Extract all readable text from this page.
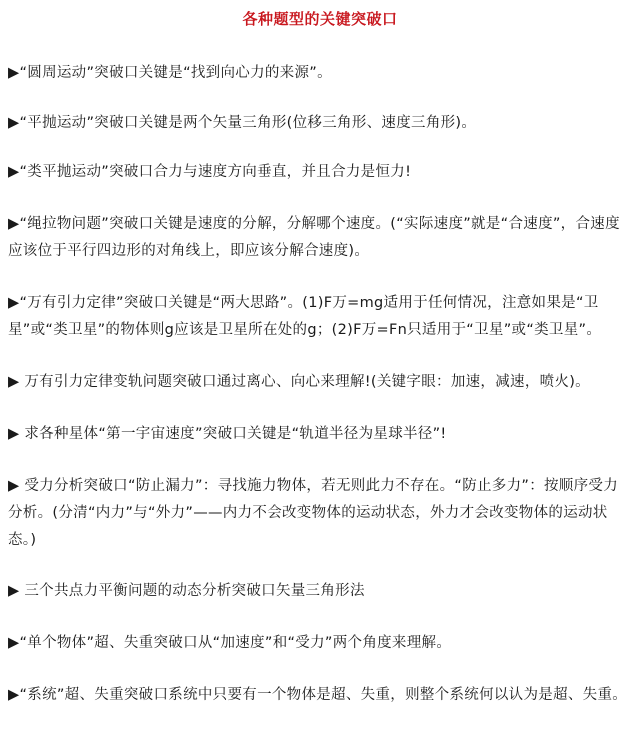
各种题型的关键突破口
▶“圆周运动”突破口关键是“找到向心力的来源”。
▶“平抛运动”突破口关键是两个矢量三角形(位移三角形、速度三角形)。
▶“类平抛运动”突破口合力与速度方向垂直，并且合力是恒力!
▶“绳拉物问题”突破口关键是速度的分解，分解哪个速度。(“实际速度”就是“合速度”，合速度应该位于平行四边形的对角线上，即应该分解合速度)。
▶“万有引力定律”突破口关键是“两大思路”。(1)F万=mg适用于任何情况，注意如果是“卫星”或“类卫星”的物体则g应该是卫星所在处的g；(2)F万=Fn只适用于“卫星”或“类卫星”。
▶ 万有引力定律变轨问题突破口通过离心、向心来理解!(关键字眼：加速，减速，喷火)。
▶ 求各种星体“第一宇宙速度”突破口关键是“轨道半径为星球半径”!
▶ 受力分析突破口“防止漏力”：寻找施力物体，若无则此力不存在。“防止多力”：按顺序受力分析。(分清“内力”与“外力”——内力不会改变物体的运动状态，外力才会改变物体的运动状态。)
▶ 三个共点力平衡问题的动态分析突破口矢量三角形法
▶“单个物体”超、失重突破口从“加速度”和“受力”两个角度来理解。
▶“系统”超、失重突破口系统中只要有一个物体是超、失重，则整个系统何以认为是超、失重。
